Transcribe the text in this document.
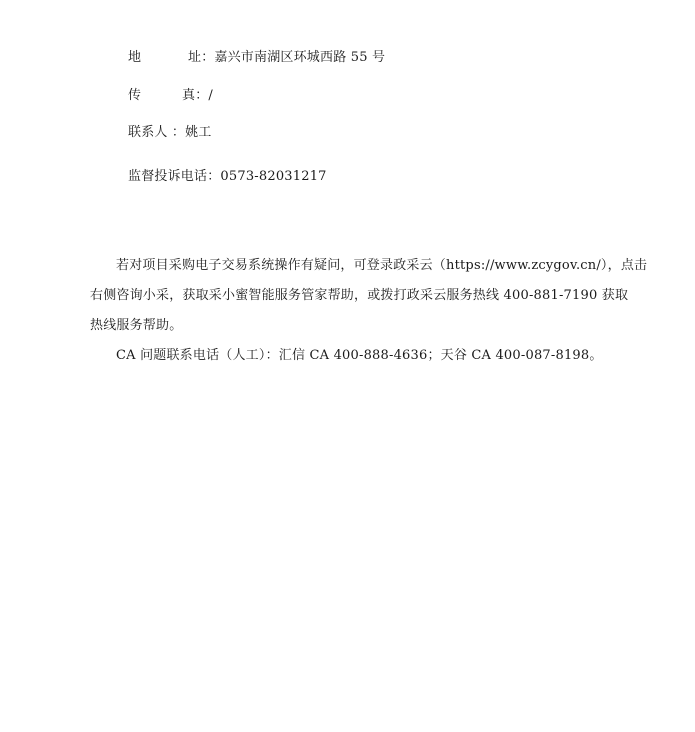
地	址：嘉兴市南湖区环城西路 55 号
传	真：/
联系人 ：姚工
监督投诉电话：0573-82031217
若对项目采购电子交易系统操作有疑问，可登录政采云（https://www.zcygov.cn/），点击
右侧咨询小采，获取采小蜜智能服务管家帮助，或拨打政采云服务热线 400-881-7190 获取
热线服务帮助。
CA 问题联系电话（人工）：汇信 CA 400-888-4636；天谷 CA 400-087-8198。
